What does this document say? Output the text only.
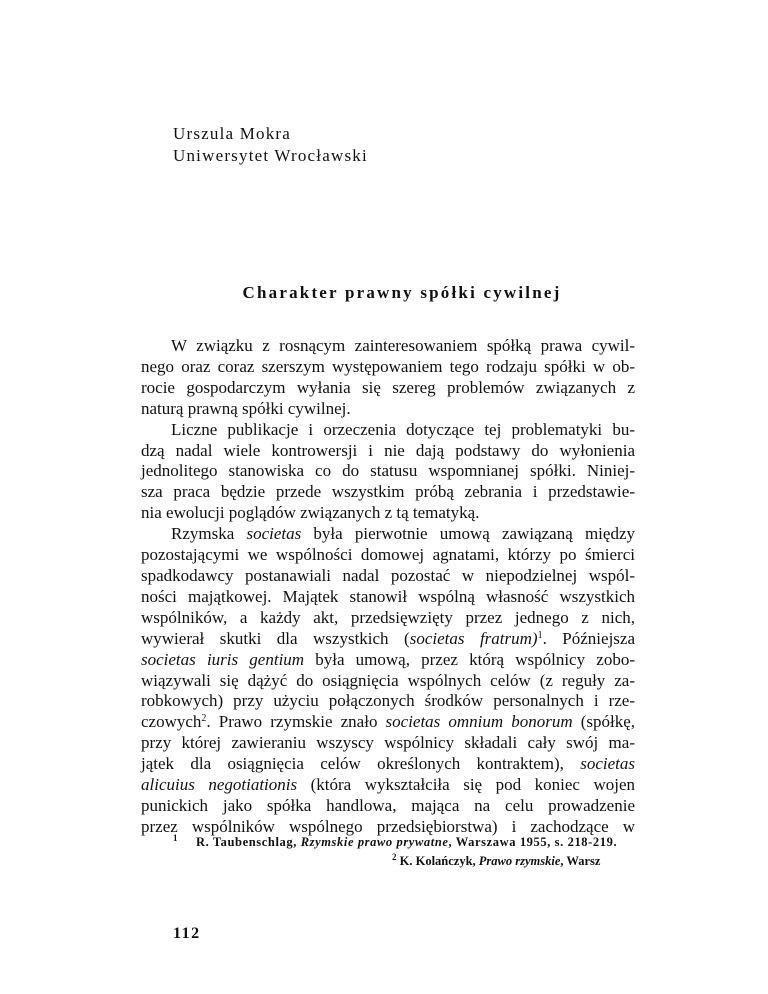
Urszula Mokra
Uniwersytet Wrocławski
Charakter prawny spółki cywilnej
W związku z rosnącym zainteresowaniem spółką prawa cywil-
nego oraz coraz szerszym występowaniem tego rodzaju spółki w ob-
rocie gospodarczym wyłania się szereg problemów związanych z
naturą prawną spółki cywilnej.
Liczne publikacje i orzeczenia dotyczące tej problematyki bu-
dzą nadal wiele kontrowersji i nie dają podstawy do wyłonienia
jednolitego stanowiska co do statusu wspomnianej spółki. Niniej-
sza praca będzie przede wszystkim próbą zebrania i przedstawie-
nia ewolucji poglądów związanych z tą tematyką.
Rzymska societas była pierwotnie umową zawiązaną między
pozostającymi we wspólności domowej agnatami, którzy po śmierci
spadkodawcy postanawiali nadal pozostać w niepodzielnej wspól-
ności majątkowej. Majątek stanowił wspólną własność wszystkich
wspólników, a każdy akt, przedsięwzięty przez jednego z nich,
wywierał skutki dla wszystkich (societas fratrum)$^1$. Późniejsza
societas iuris gentium była umową, przez którą wspólnicy zobo-
wiązywali się dążyć do osiągnięcia wspólnych celów (z reguły za-
robkowych) przy użyciu połączonych środków personalnych i rze-
czowych$^2$. Prawo rzymskie znało societas omnium bonorum (spółkę,
przy której zawieraniu wszyscy wspólnicy składali cały swój ma-
jątek dla osiągnięcia celów określonych kontraktem), societas
alicuius negotiationis (która wykształciła się pod koniec wojen
punickich jako spółka handlowa, mająca na celu prowadzenie
przez wspólników wspólnego przedsiębiorstwa) i zachodzące w
1 R. Taubenschlag, Rzymskie prawo prywatne, Warszawa 1955, s. 218-219.
$^2$ K. Kolańczyk, Prawo rzymskie, Warsz
112
